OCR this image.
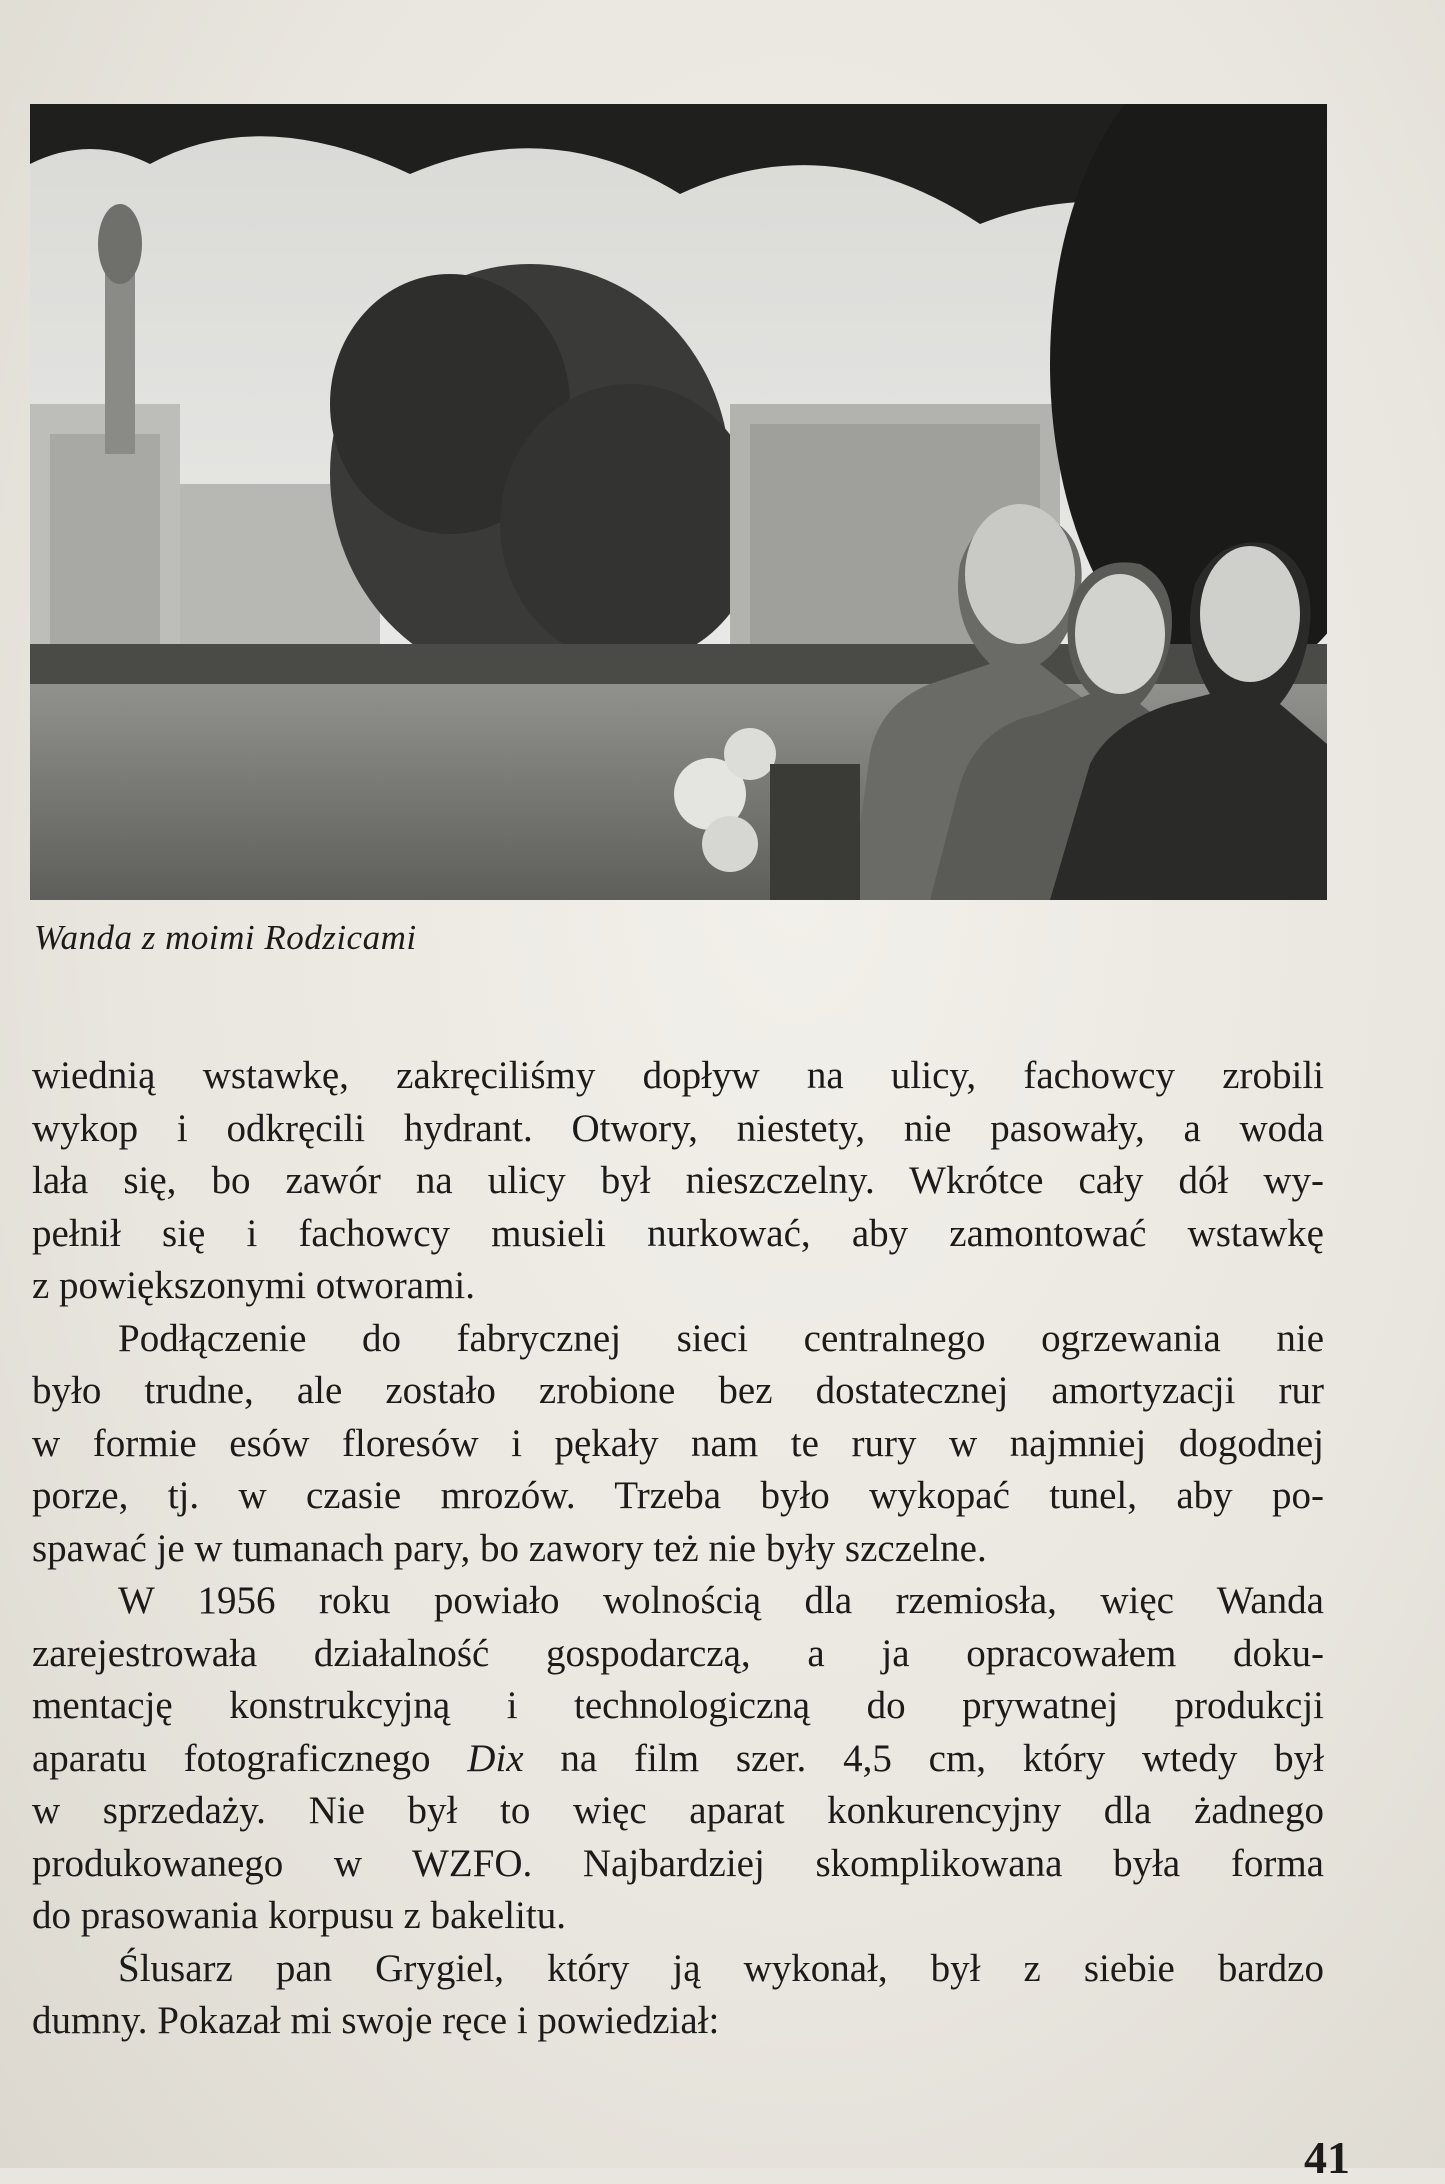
Wanda z moimi Rodzicami
wiednią wstawkę, zakręciliśmy dopływ na ulicy, fachowcy zrobili
wykop i odkręcili hydrant. Otwory, niestety, nie pasowały, a woda
lała się, bo zawór na ulicy był nieszczelny. Wkrótce cały dół wy-
pełnił się i fachowcy musieli nurkować, aby zamontować wstawkę
z powiększonymi otworami.
Podłączenie do fabrycznej sieci centralnego ogrzewania nie
było trudne, ale zostało zrobione bez dostatecznej amortyzacji rur
w formie esów floresów i pękały nam te rury w najmniej dogodnej
porze, tj. w czasie mrozów. Trzeba było wykopać tunel, aby po-
spawać je w tumanach pary, bo zawory też nie były szczelne.
W 1956 roku powiało wolnością dla rzemiosła, więc Wanda
zarejestrowała działalność gospodarczą, a ja opracowałem doku-
mentację konstrukcyjną i technologiczną do prywatnej produkcji
aparatu fotograficznego Dix na film szer. 4,5 cm, który wtedy był
w sprzedaży. Nie był to więc aparat konkurencyjny dla żadnego
produkowanego w WZFO. Najbardziej skomplikowana była forma
do prasowania korpusu z bakelitu.
Ślusarz pan Grygiel, który ją wykonał, był z siebie bardzo
dumny. Pokazał mi swoje ręce i powiedział:
41
